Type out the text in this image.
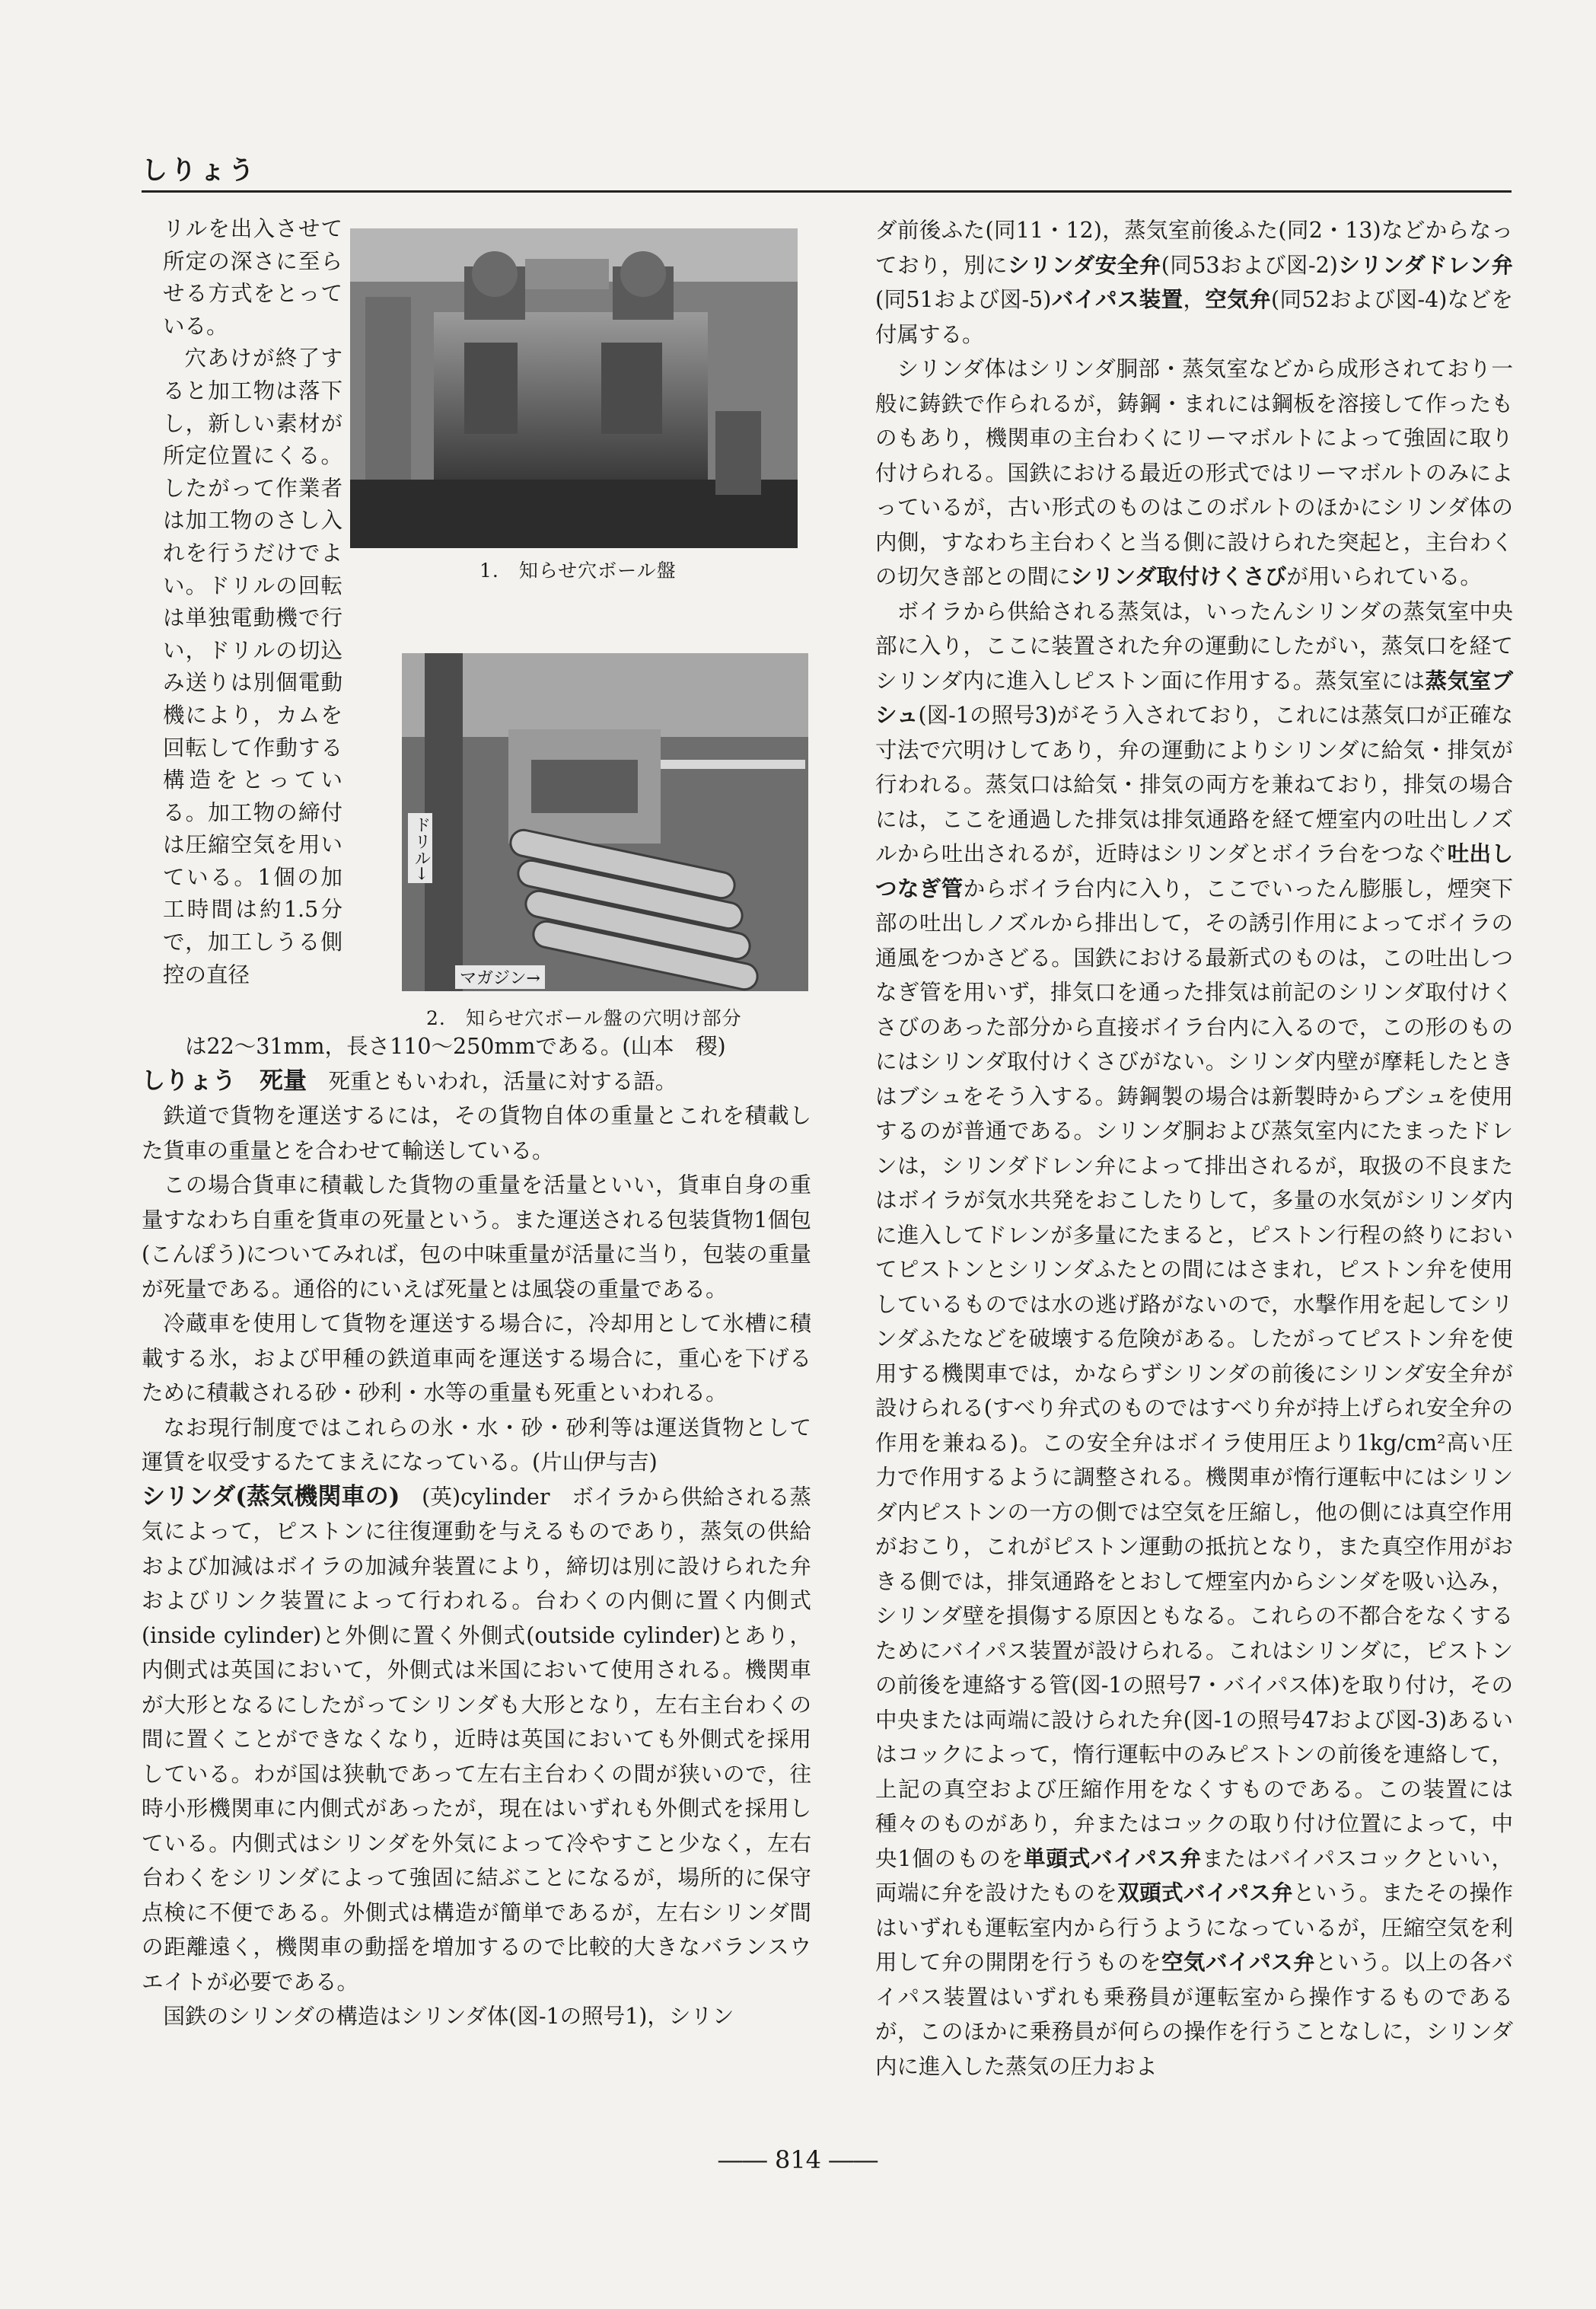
しりょう

リルを出入させて所定の深さに至らせる方式をとっている。

穴あけが終了すると加工物は落下し，新しい素材が所定位置にくる。したがって作業者は加工物のさし入れを行うだけでよい。ドリルの回転は単独電動機で行い，ドリルの切込み送りは別個電動機により，カムを回転して作動する構造をとっている。加工物の締付は圧縮空気を用いている。1個の加工時間は約1.5分で，加工しうる側控の直径

1.　知らせ穴ボール盤
ドリル→
マガジン→
2.　知らせ穴ボール盤の穴明け部分

は22～31mm，長さ110～250mmである。(山本　稷)

しりょう　死量　 死重ともいわれ，活量に対する語。

鉄道で貨物を運送するには，その貨物自体の重量とこれを積載した貨車の重量とを合わせて輸送している。

この場合貨車に積載した貨物の重量を活量といい，貨車自身の重量すなわち自重を貨車の死量という。また運送される包装貨物1個包(こんぽう)についてみれば，包の中味重量が活量に当り，包装の重量が死量である。通俗的にいえば死量とは風袋の重量である。

冷蔵車を使用して貨物を運送する場合に，冷却用として氷槽に積載する氷，および甲種の鉄道車両を運送する場合に，重心を下げるために積載される砂・砂利・水等の重量も死重といわれる。

なお現行制度ではこれらの氷・水・砂・砂利等は運送貨物として運賃を収受するたてまえになっている。(片山伊与吉)

シリンダ(蒸気機関車の)　 (英)cylinder　ボイラから供給される蒸気によって，ピストンに往復運動を与えるものであり，蒸気の供給および加減はボイラの加減弁装置により，締切は別に設けられた弁およびリンク装置によって行われる。台わくの内側に置く内側式(inside cylinder)と外側に置く外側式(outside cylinder)とあり，内側式は英国において，外側式は米国において使用される。機関車が大形となるにしたがってシリンダも大形となり，左右主台わくの間に置くことができなくなり，近時は英国においても外側式を採用している。わが国は狭軌であって左右主台わくの間が狭いので，往時小形機関車に内側式があったが，現在はいずれも外側式を採用している。内側式はシリンダを外気によって冷やすこと少なく，左右台わくをシリンダによって強固に結ぶことになるが，場所的に保守点検に不便である。外側式は構造が簡単であるが，左右シリンダ間の距離遠く，機関車の動揺を増加するので比較的大きなバランスウエイトが必要である。

国鉄のシリンダの構造はシリンダ体(図-1の照号1)，シリン

ダ前後ふた(同11・12)，蒸気室前後ふた(同2・13)などからなっており，別にシリンダ安全弁(同53および図-2)シリンダドレン弁(同51および図-5)バイパス装置，空気弁(同52および図-4)などを付属する。

シリンダ体はシリンダ胴部・蒸気室などから成形されており一般に鋳鉄で作られるが，鋳鋼・まれには鋼板を溶接して作ったものもあり，機関車の主台わくにリーマボルトによって強固に取り付けられる。国鉄における最近の形式ではリーマボルトのみによっているが，古い形式のものはこのボルトのほかにシリンダ体の内側，すなわち主台わくと当る側に設けられた突起と，主台わくの切欠き部との間にシリンダ取付けくさびが用いられている。

ボイラから供給される蒸気は，いったんシリンダの蒸気室中央部に入り，ここに装置された弁の運動にしたがい，蒸気口を経てシリンダ内に進入しピストン面に作用する。蒸気室には蒸気室ブシュ(図-1の照号3)がそう入されており，これには蒸気口が正確な寸法で穴明けしてあり，弁の運動によりシリンダに給気・排気が行われる。蒸気口は給気・排気の両方を兼ねており，排気の場合には，ここを通過した排気は排気通路を経て煙室内の吐出しノズルから吐出されるが，近時はシリンダとボイラ台をつなぐ吐出しつなぎ管からボイラ台内に入り，ここでいったん膨脹し，煙突下部の吐出しノズルから排出して，その誘引作用によってボイラの通風をつかさどる。国鉄における最新式のものは，この吐出しつなぎ管を用いず，排気口を通った排気は前記のシリンダ取付けくさびのあった部分から直接ボイラ台内に入るので，この形のものにはシリンダ取付けくさびがない。シリンダ内壁が摩耗したときはブシュをそう入する。鋳鋼製の場合は新製時からブシュを使用するのが普通である。シリンダ胴および蒸気室内にたまったドレンは，シリンダドレン弁によって排出されるが，取扱の不良またはボイラが気水共発をおこしたりして，多量の水気がシリンダ内に進入してドレンが多量にたまると，ピストン行程の終りにおいてピストンとシリンダふたとの間にはさまれ，ピストン弁を使用しているものでは水の逃げ路がないので，水撃作用を起してシリンダふたなどを破壊する危険がある。したがってピストン弁を使用する機関車では，かならずシリンダの前後にシリンダ安全弁が設けられる(すべり弁式のものではすべり弁が持上げられ安全弁の作用を兼ねる)。この安全弁はボイラ使用圧より1kg/cm²高い圧力で作用するように調整される。機関車が惰行運転中にはシリンダ内ピストンの一方の側では空気を圧縮し，他の側には真空作用がおこり，これがピストン運動の抵抗となり，また真空作用がおきる側では，排気通路をとおして煙室内からシンダを吸い込み，シリンダ壁を損傷する原因ともなる。これらの不都合をなくするためにバイパス装置が設けられる。これはシリンダに，ピストンの前後を連絡する管(図-1の照号7・バイパス体)を取り付け，その中央または両端に設けられた弁(図-1の照号47および図-3)あるいはコックによって，惰行運転中のみピストンの前後を連絡して，上記の真空および圧縮作用をなくすものである。この装置には種々のものがあり，弁またはコックの取り付け位置によって，中央1個のものを単頭式バイパス弁またはバイパスコックといい，両端に弁を設けたものを双頭式バイパス弁という。またその操作はいずれも運転室内から行うようになっているが，圧縮空気を利用して弁の開閉を行うものを空気バイパス弁という。以上の各バイパス装置はいずれも乗務員が運転室から操作するものであるが，このほかに乗務員が何らの操作を行うことなしに，シリンダ内に進入した蒸気の圧力およ

―― 814 ――
